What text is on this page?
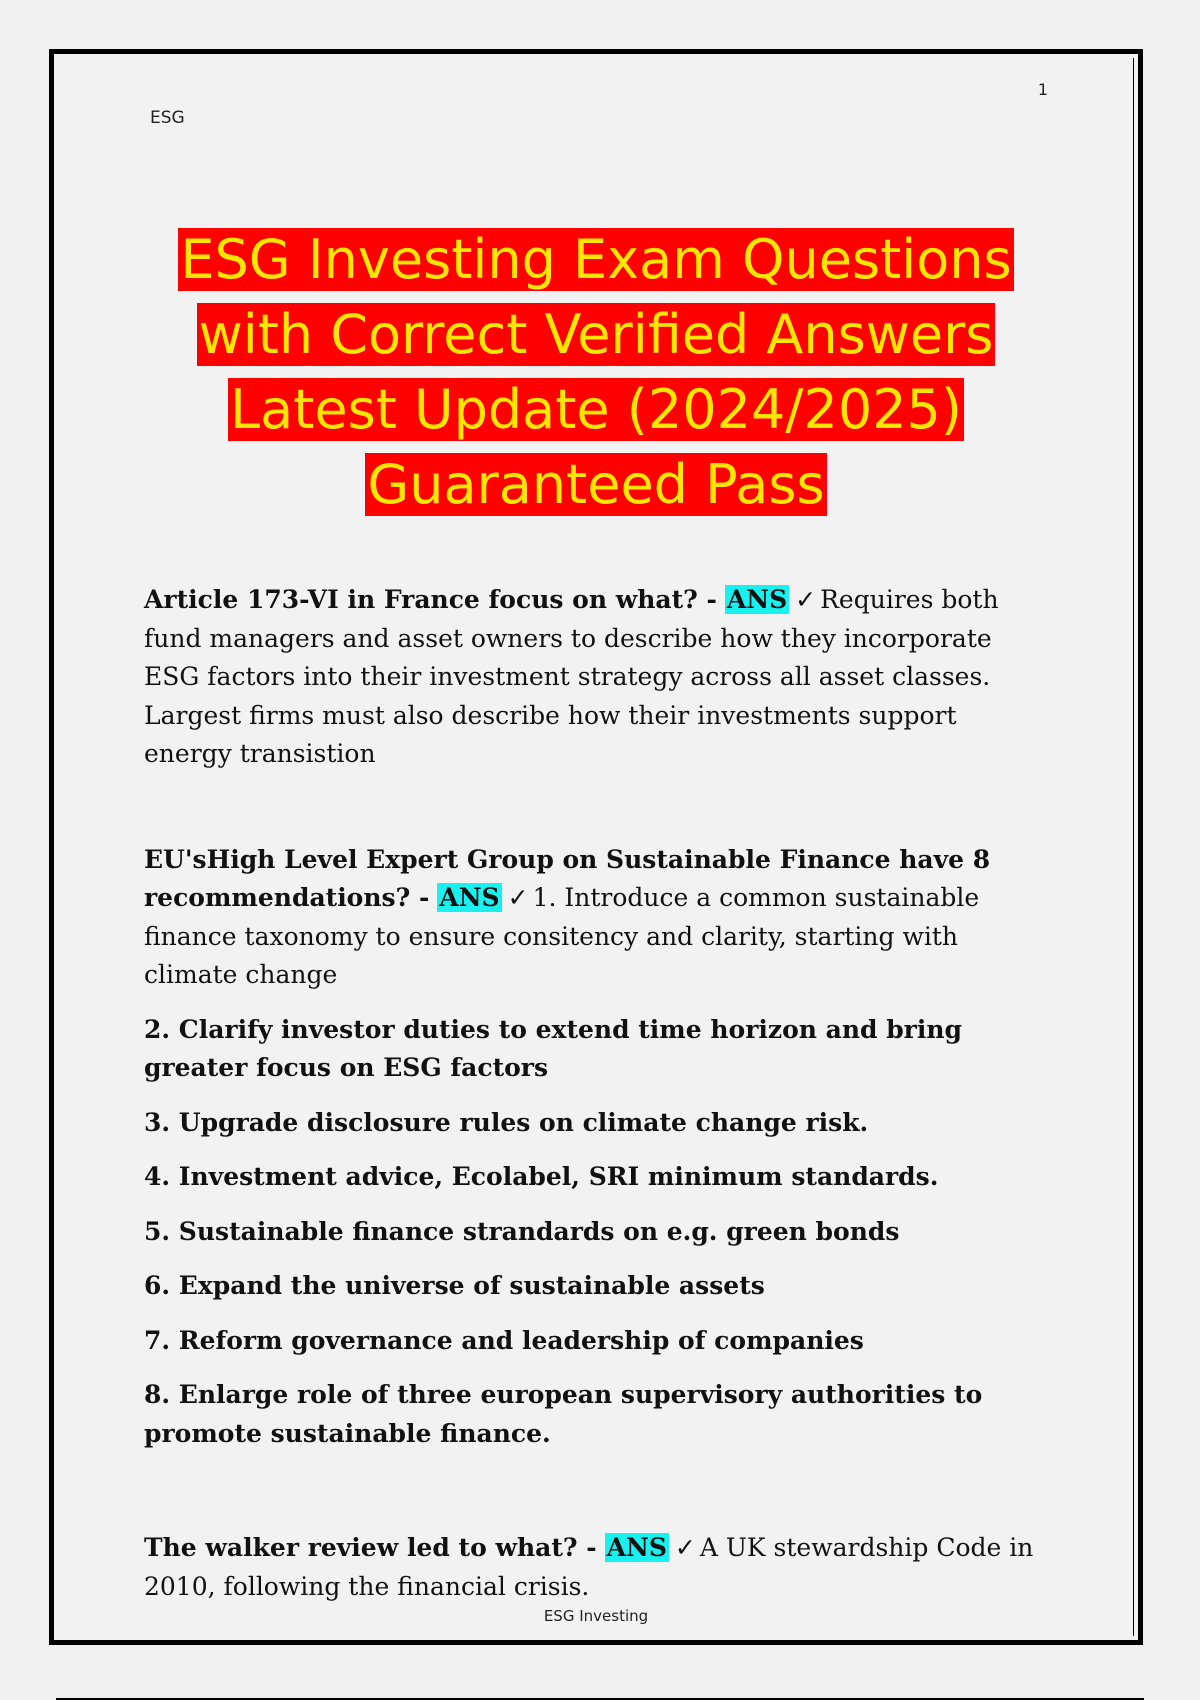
1
ESG
ESG Investing Exam Questions
with Correct Verified Answers
Latest Update (2024/2025)
Guaranteed Pass

Article 173-VI in France focus on what? - ANS ✓ Requires both fund managers and asset owners to describe how they incorporate ESG factors into their investment strategy across all asset classes. Largest firms must also describe how their investments support energy transistion

EU'sHigh Level Expert Group on Sustainable Finance have 8 recommendations? - ANS ✓ 1. Introduce a common sustainable finance taxonomy to ensure consitency and clarity, starting with climate change

2. Clarify investor duties to extend time horizon and bring greater focus on ESG factors

3. Upgrade disclosure rules on climate change risk.

4. Investment advice, Ecolabel, SRI minimum standards.

5. Sustainable finance strandards on e.g. green bonds

6. Expand the universe of sustainable assets

7. Reform governance and leadership of companies

8. Enlarge role of three european supervisory authorities to promote sustainable finance.

The walker review led to what? - ANS ✓ A UK stewardship Code in 2010, following the financial crisis.

ESG Investing
